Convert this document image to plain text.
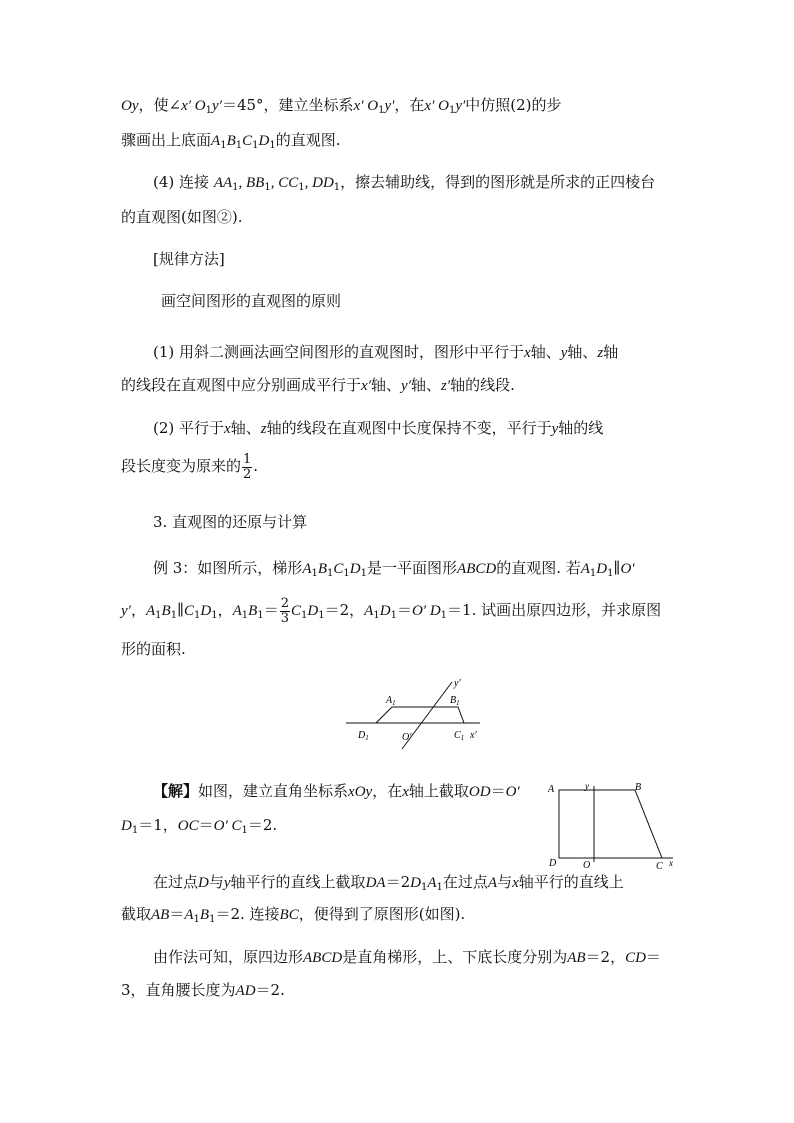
Oy，使∠x′ $O_1y'=45^\circ$，建立坐标系x′ $O_1y'$，在x′ $O_1y'$中仿照(2)的步
骤画出上底面$A_1B_1C_1D_1$的直观图.
(4) 连接 $AA_1$, $BB_1$, $CC_1$, $DD_1$，擦去辅助线，得到的图形就是所求的正四棱台
的直观图(如图②).
[规律方法]
画空间图形的直观图的原则
(1) 用斜二测画法画空间图形的直观图时，图形中平行于x轴、y轴、z轴
的线段在直观图中应分别画成平行于x′轴、y′轴、z′轴的线段.
(2) 平行于x轴、z轴的线段在直观图中长度保持不变，平行于y轴的线
段长度变为原来的 $\frac{1}{2}$ .
3. 直观图的还原与计算
例 3：如图所示，梯形$A_1B_1C_1D_1$是一平面图形ABCD的直观图. 若$A_1D_1\parallel O'$
y′，$A_1B_1\parallel C_1D_1$，$A_1B_1= \frac{2}{3} C_1D_1=2$，$A_1D_1=O'$ $D_1=1$. 试画出原四边形，并求原图
形的面积.
$A_1$	$B_1$
$D_1$	$C_1$
O′	x′
y′
【解】如图，建立直角坐标系xOy，在x轴上截取OD＝O′
$D_1=1$，OC＝O′ $C_1=2$.
A	B
C
D	O	x
y
在过点D与y轴平行的直线上截取$DA=2D_1A_1$在过点A与x轴平行的直线上
截取$AB=A_1B_1=2$. 连接BC，便得到了原图形(如图).
由作法可知，原四边形ABCD是直角梯形，上、下底长度分别为AB＝2，CD＝
3，直角腰长度为AD＝2.
